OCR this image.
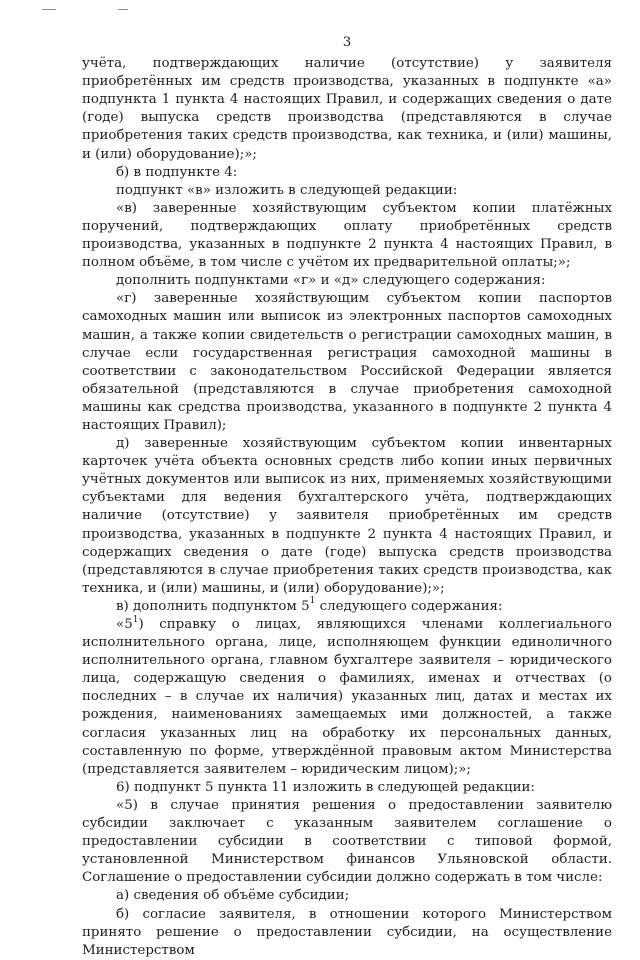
3

учёта, подтверждающих наличие (отсутствие) у заявителя приобретённых им средств производства, указанных в подпункте «а» подпункта 1 пункта 4 настоящих Правил, и содержащих сведения о дате (годе) выпуска средств производства (представляются в случае приобретения таких средств производства, как техника, и (или) машины, и (или) оборудование);»;

б) в подпункте 4:

подпункт «в» изложить в следующей редакции:

«в) заверенные хозяйствующим субъектом копии платёжных поручений, подтверждающих оплату приобретённых средств производства, указанных в подпункте 2 пункта 4 настоящих Правил, в полном объёме, в том числе с учётом их предварительной оплаты;»;

дополнить подпунктами «г» и «д» следующего содержания:

«г) заверенные хозяйствующим субъектом копии паспортов самоходных машин или выписок из электронных паспортов самоходных машин, а также копии свидетельств о регистрации самоходных машин, в случае если государственная регистрация самоходной машины в соответствии с законодательством Российской Федерации является обязательной (представляются в случае приобретения самоходной машины как средства производства, указанного в подпункте 2 пункта 4 настоящих Правил);

д) заверенные хозяйствующим субъектом копии инвентарных карточек учёта объекта основных средств либо копии иных первичных учётных документов или выписок из них, применяемых хозяйствующими субъектами для ведения бухгалтерского учёта, подтверждающих наличие (отсутствие) у заявителя приобретённых им средств производства, указанных в подпункте 2 пункта 4 настоящих Правил, и содержащих сведения о дате (годе) выпуска средств производства (представляются в случае приобретения таких средств производства, как техника, и (или) машины, и (или) оборудование);»;

в) дополнить подпунктом $5^1$ следующего содержания:

«$5^1$) справку о лицах, являющихся членами коллегиального исполнительного органа, лице, исполняющем функции единоличного исполнительного органа, главном бухгалтере заявителя – юридического лица, содержащую сведения о фамилиях, именах и отчествах (о последних – в случае их наличия) указанных лиц, датах и местах их рождения, наименованиях замещаемых ими должностей, а также согласия указанных лиц на обработку их персональных данных, составленную по форме, утверждённой правовым актом Министерства (представляется заявителем – юридическим лицом);»;

6) подпункт 5 пункта 11 изложить в следующей редакции:

«5) в случае принятия решения о предоставлении заявителю субсидии заключает с указанным заявителем соглашение о предоставлении субсидии в соответствии с типовой формой, установленной Министерством финансов Ульяновской области. Соглашение о предоставлении субсидии должно содержать в том числе:

а) сведения об объёме субсидии;

б) согласие заявителя, в отношении которого Министерством принято решение о предоставлении субсидии, на осуществление Министерством
